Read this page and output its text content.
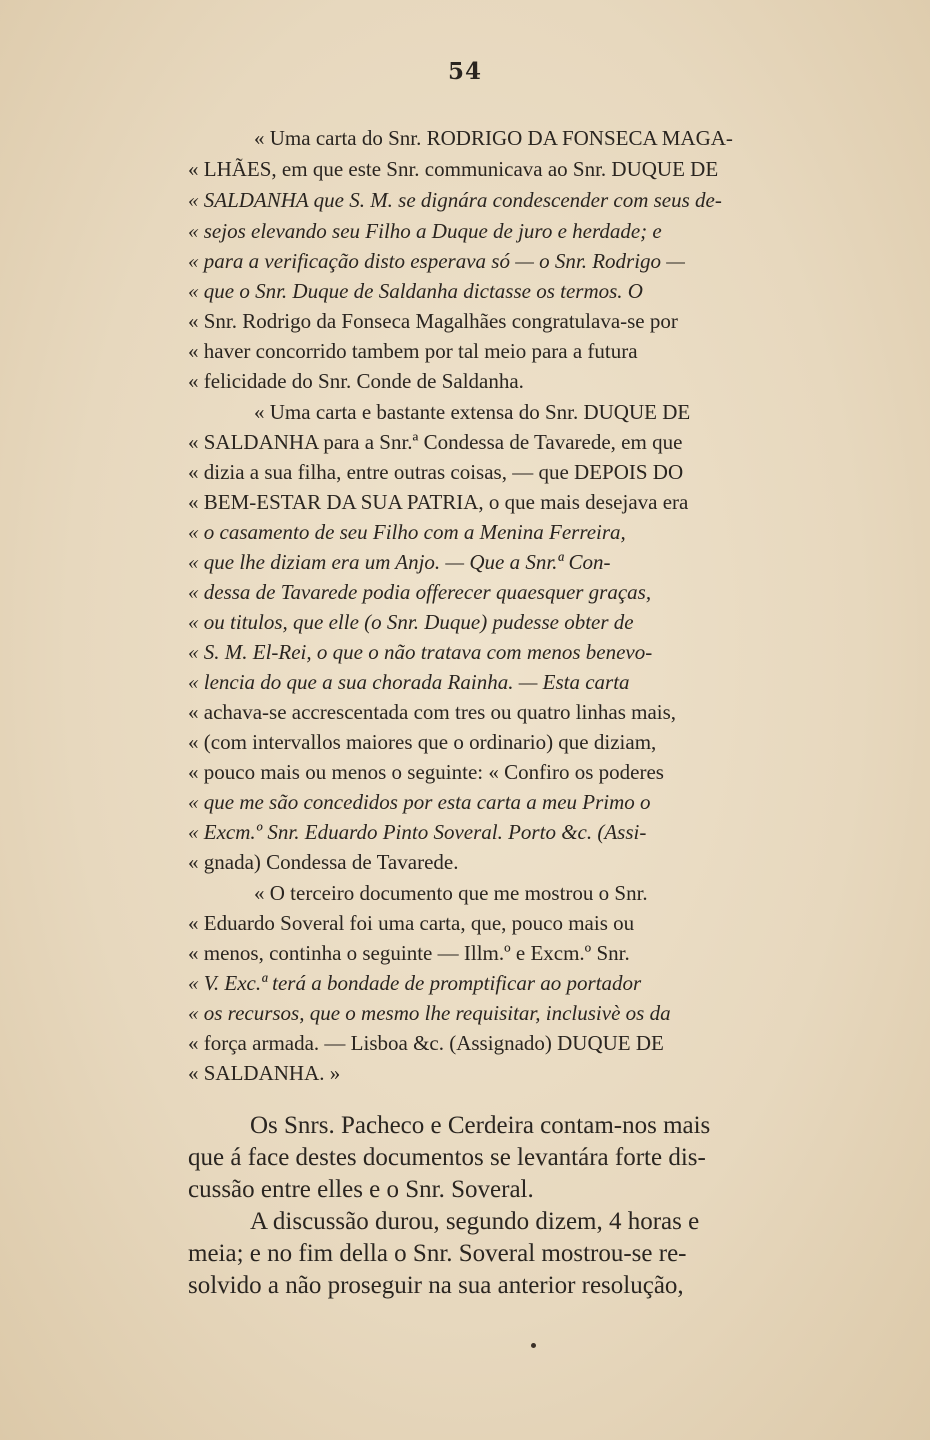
54
« Uma carta do Snr. RODRIGO DA FONSECA MAGA-
« LHÃES, em que este Snr. communicava ao Snr. DUQUE DE
« SALDANHA que S. M. se dignára condescender com seus de-
« sejos elevando seu Filho a Duque de juro e herdade; e
« para a verificação disto esperava só — o Snr. Rodrigo —
« que o Snr. Duque de Saldanha dictasse os termos. O
« Snr. Rodrigo da Fonseca Magalhães congratulava-se por
« haver concorrido tambem por tal meio para a futura
« felicidade do Snr. Conde de Saldanha.
« Uma carta e bastante extensa do Snr. DUQUE DE
« SALDANHA para a Snr.ª Condessa de Tavarede, em que
« dizia a sua filha, entre outras coisas, — que DEPOIS DO
« BEM-ESTAR DA SUA PATRIA, o que mais desejava era
« o casamento de seu Filho com a Menina Ferreira,
« que lhe diziam era um Anjo. — Que a Snr.ª Con-
« dessa de Tavarede podia offerecer quaesquer graças,
« ou titulos, que elle (o Snr. Duque) pudesse obter de
« S. M. El-Rei, o que o não tratava com menos benevo-
« lencia do que a sua chorada Rainha. — Esta carta
« achava-se accrescentada com tres ou quatro linhas mais,
« (com intervallos maiores que o ordinario) que diziam,
« pouco mais ou menos o seguinte: « Confiro os poderes
« que me são concedidos por esta carta a meu Primo o
« Excm.º Snr. Eduardo Pinto Soveral. Porto &c. (Assi-
« gnada) Condessa de Tavarede.
« O terceiro documento que me mostrou o Snr.
« Eduardo Soveral foi uma carta, que, pouco mais ou
« menos, continha o seguinte — Illm.º e Excm.º Snr.
« V. Exc.ª terá a bondade de promptificar ao portador
« os recursos, que o mesmo lhe requisitar, inclusivè os da
« força armada. — Lisboa &c. (Assignado) DUQUE DE
« SALDANHA. »
Os Snrs. Pacheco e Cerdeira contam-nos mais
que á face destes documentos se levantára forte dis-
cussão entre elles e o Snr. Soveral.
A discussão durou, segundo dizem, 4 horas e
meia; e no fim della o Snr. Soveral mostrou-se re-
solvido a não proseguir na sua anterior resolução,
